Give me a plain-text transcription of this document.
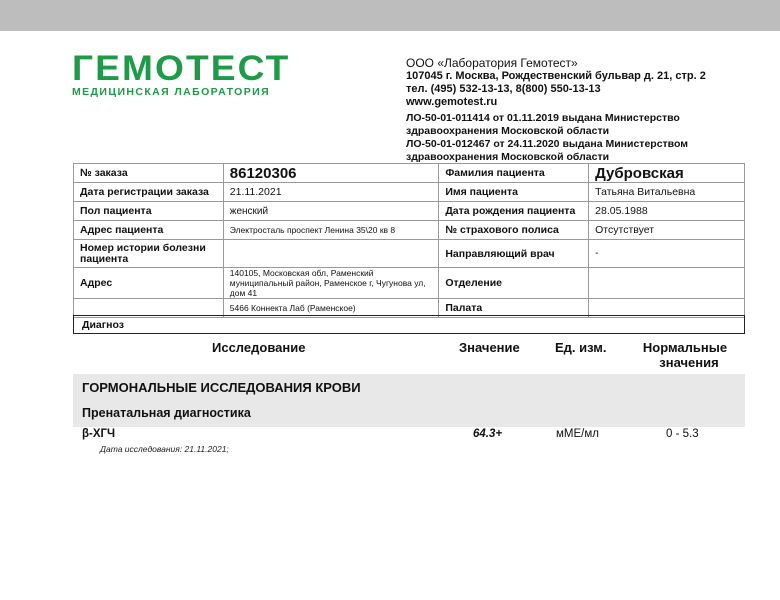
ГЕМОТЕСТ
МЕДИЦИНСКАЯ ЛАБОРАТОРИЯ
ООО «Лаборатория Гемотест»
107045 г. Москва, Рождественский бульвар д. 21, стр. 2
тел. (495) 532-13-13, 8(800) 550-13-13
www.gemotest.ru
ЛО-50-01-011414 от 01.11.2019 выдана Министерство
здравоохранения Московской области
ЛО-50-01-012467 от 24.11.2020 выдана Министерством
здравоохранения Московской области
№ заказа	86120306	Фамилия пациента	Дубровская
Дата регистрации заказа	21.11.2021	Имя пациента	Татьяна Витальевна
Пол пациента	женский	Дата рождения пациента	28.05.1988
Адрес пациента	Электросталь проспект Ленина 35\20 кв 8	№ страхового полиса	Отсутствует
Номер истории болезни пациента		Направляющий врач	-
Адрес	140105, Московская обл, Раменский муниципальный район, Раменское г, Чугунова ул, дом 41	Отделение	
	5466 Коннекта Лаб (Раменское)	Палата	
Диагноз
Исследование	Значение	Ед. изм.	Нормальные
значения
ГОРМОНАЛЬНЫЕ ИССЛЕДОВАНИЯ КРОВИ
Пренатальная диагностика
β-ХГЧ	64.3+	мМЕ/мл	0 - 5.3
Дата исследования: 21.11.2021;
